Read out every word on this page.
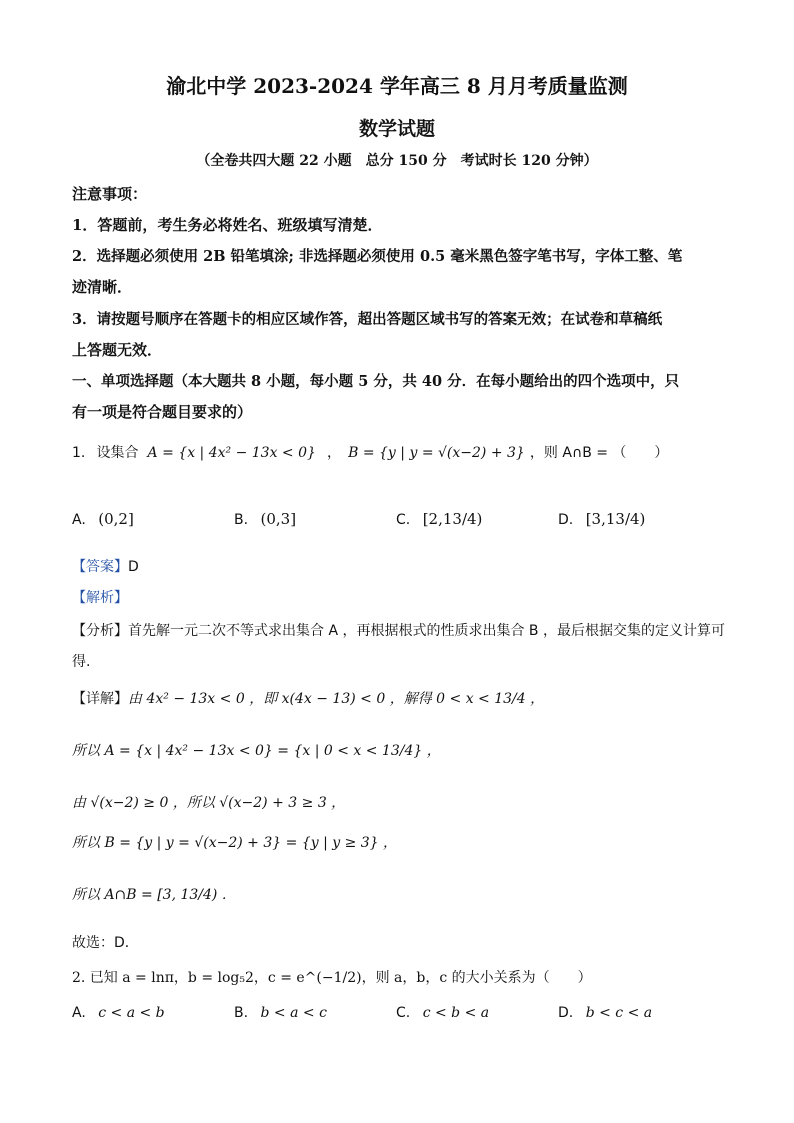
渝北中学 2023-2024 学年高三 8 月月考质量监测
数学试题
（全卷共四大题 22 小题　总分 150 分　考试时长 120 分钟）
注意事项：
1．答题前，考生务必将姓名、班级填写清楚．
2．选择题必须使用 2B 铅笔填涂; 非选择题必须使用 0.5 毫米黑色签字笔书写，字体工整、笔
迹清晰．
3．请按题号顺序在答题卡的相应区域作答，超出答题区域书写的答案无效；在试卷和草稿纸
上答题无效．
一、单项选择题（本大题共 8 小题，每小题 5 分，共 40 分．在每小题给出的四个选项中，只
有一项是符合题目要求的）
1. 设集合 A = {x | 4x² − 13x < 0} ， B = {y | y = √(x−2) + 3} ，则 A∩B = （　　）
A. (0,2]	B. (0,3]	C. [2,13/4)	D. [3,13/4)
【答案】D
【解析】
【分析】首先解一元二次不等式求出集合 A ，再根据根式的性质求出集合 B ，最后根据交集的定义计算可
得.
【详解】由 4x² − 13x < 0 ，即 x(4x − 13) < 0 ，解得 0 < x < 13/4 ，
所以 A = {x | 4x² − 13x < 0} = {x | 0 < x < 13/4} ，
由 √(x−2) ≥ 0 ，所以 √(x−2) + 3 ≥ 3 ，
所以 B = {y | y = √(x−2) + 3} = {y | y ≥ 3} ，
所以 A∩B = [3, 13/4) ．
故选：D．
2. 已知 a = lnπ，b = log₅2，c = e^(−1/2)，则 a，b，c 的大小关系为（　　）
A. c < a < b	B. b < a < c	C. c < b < a	D. b < c < a
